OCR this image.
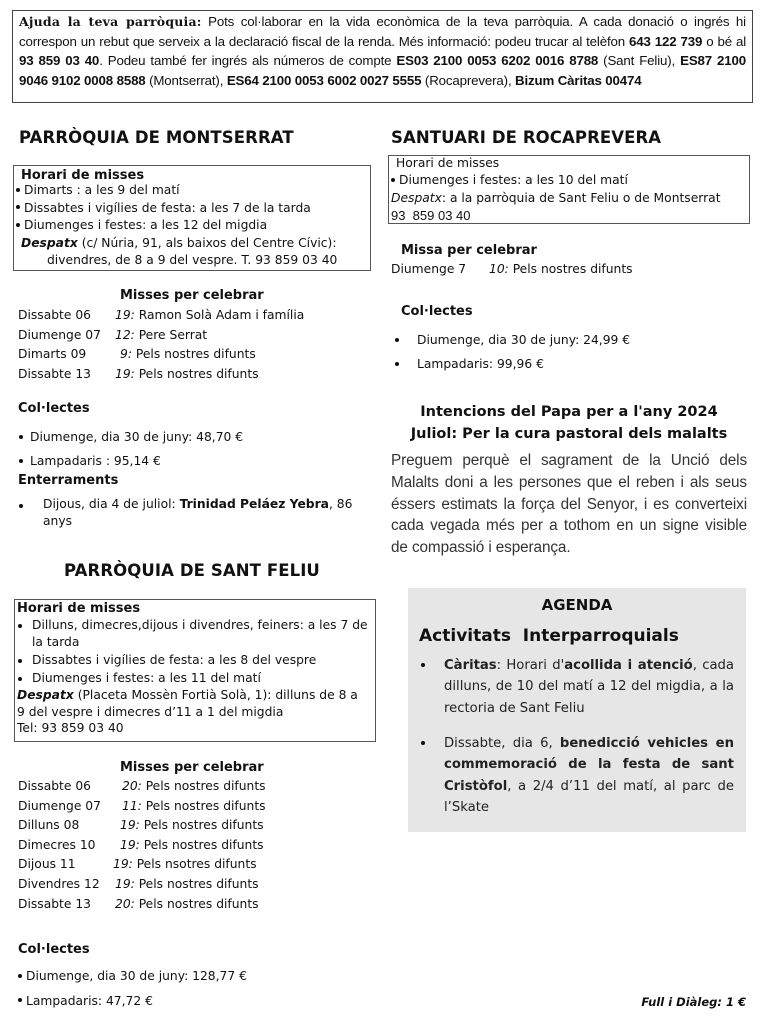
Ajuda la teva parròquia: Pots col·laborar en la vida econòmica de la teva parròquia. A cada donació o ingrés hi correspon un rebut que serveix a la declaració fiscal de la renda. Més informació: podeu trucar al telèfon 643 122 739 o bé al 93 859 03 40. Podeu també fer ingrés als números de compte ES03 2100 0053 6202 0016 8788 (Sant Feliu), ES87 2100 9046 9102 0008 8588 (Montserrat), ES64 2100 0053 6002 0027 5555 (Rocaprevera), Bizum Càritas 00474
PARRÒQUIA DE MONTSERRAT
Horari de misses
Dimarts : a les 9 del matí
Dissabtes i vigílies de festa: a les 7 de la tarda
Diumenges i festes: a les 12 del migdia
Despatx (c/ Núria, 91, als baixos del Centre Cívic):
divendres, de 8 a 9 del vespre. T. 93 859 03 40
Misses per celebrar
Dissabte 06 19: Ramon Solà Adam i família
Diumenge 07 12: Pere Serrat
Dimarts 09	9: Pels nostres difunts
Dissabte 13 19: Pels nostres difunts
Col·lectes
Diumenge, dia 30 de juny: 48,70 €
Lampadaris : 95,14 €
Enterraments
Dijous, dia 4 de juliol: Trinidad Peláez Yebra, 86
anys
PARRÒQUIA DE SANT FELIU
Horari de misses
Dilluns, dimecres,dijous i divendres, feiners: a les 7 de
la tarda
Dissabtes i vigílies de festa: a les 8 del vespre
Diumenges i festes: a les 11 del matí
Despatx (Placeta Mossèn Fortià Solà, 1): dilluns de 8 a
9 del vespre i dimecres d’11 a 1 del migdia
Tel: 93 859 03 40
Misses per celebrar
Dissabte 06	20: Pels nostres difunts
Diumenge 07 11: Pels nostres difunts
Dilluns 08	19: Pels nostres difunts
Dimecres 10 19: Pels nostres difunts
Dijous 11	19: Pels nsotres difunts
Divendres 12 19: Pels nostres difunts
Dissabte 13 20: Pels nostres difunts
Col·lectes
Diumenge, dia 30 de juny: 128,77 €
Lampadaris: 47,72 €
SANTUARI DE ROCAPREVERA
Horari de misses
Diumenges i festes: a les 10 del matí
Despatx: a la parròquia de Sant Feliu o de Montserrat
93  859 03 40
Missa per celebrar
Diumenge 7 10: Pels nostres difunts
Col·lectes
Diumenge, dia 30 de juny: 24,99 €
Lampadaris: 99,96 €
Intencions del Papa per a l'any 2024
Juliol: Per la cura pastoral dels malalts
Preguem perquè el sagrament de la Unció dels Malalts doni a les persones que el reben i als seus éssers estimats la força del Senyor, i es converteixi cada vegada més per a tothom en un signe visible de compassió i esperança.
AGENDA
Activitats  Interparroquials
Càritas: Horari d'acollida i atenció, cada dilluns, de 10 del matí a 12 del migdia, a la rectoria de Sant Feliu
Dissabte, dia 6, benedicció vehicles en commemoració de la festa de sant Cristòfol, a 2/4 d’11 del matí, al parc de l’Skate
Full i Diàleg: 1 €
